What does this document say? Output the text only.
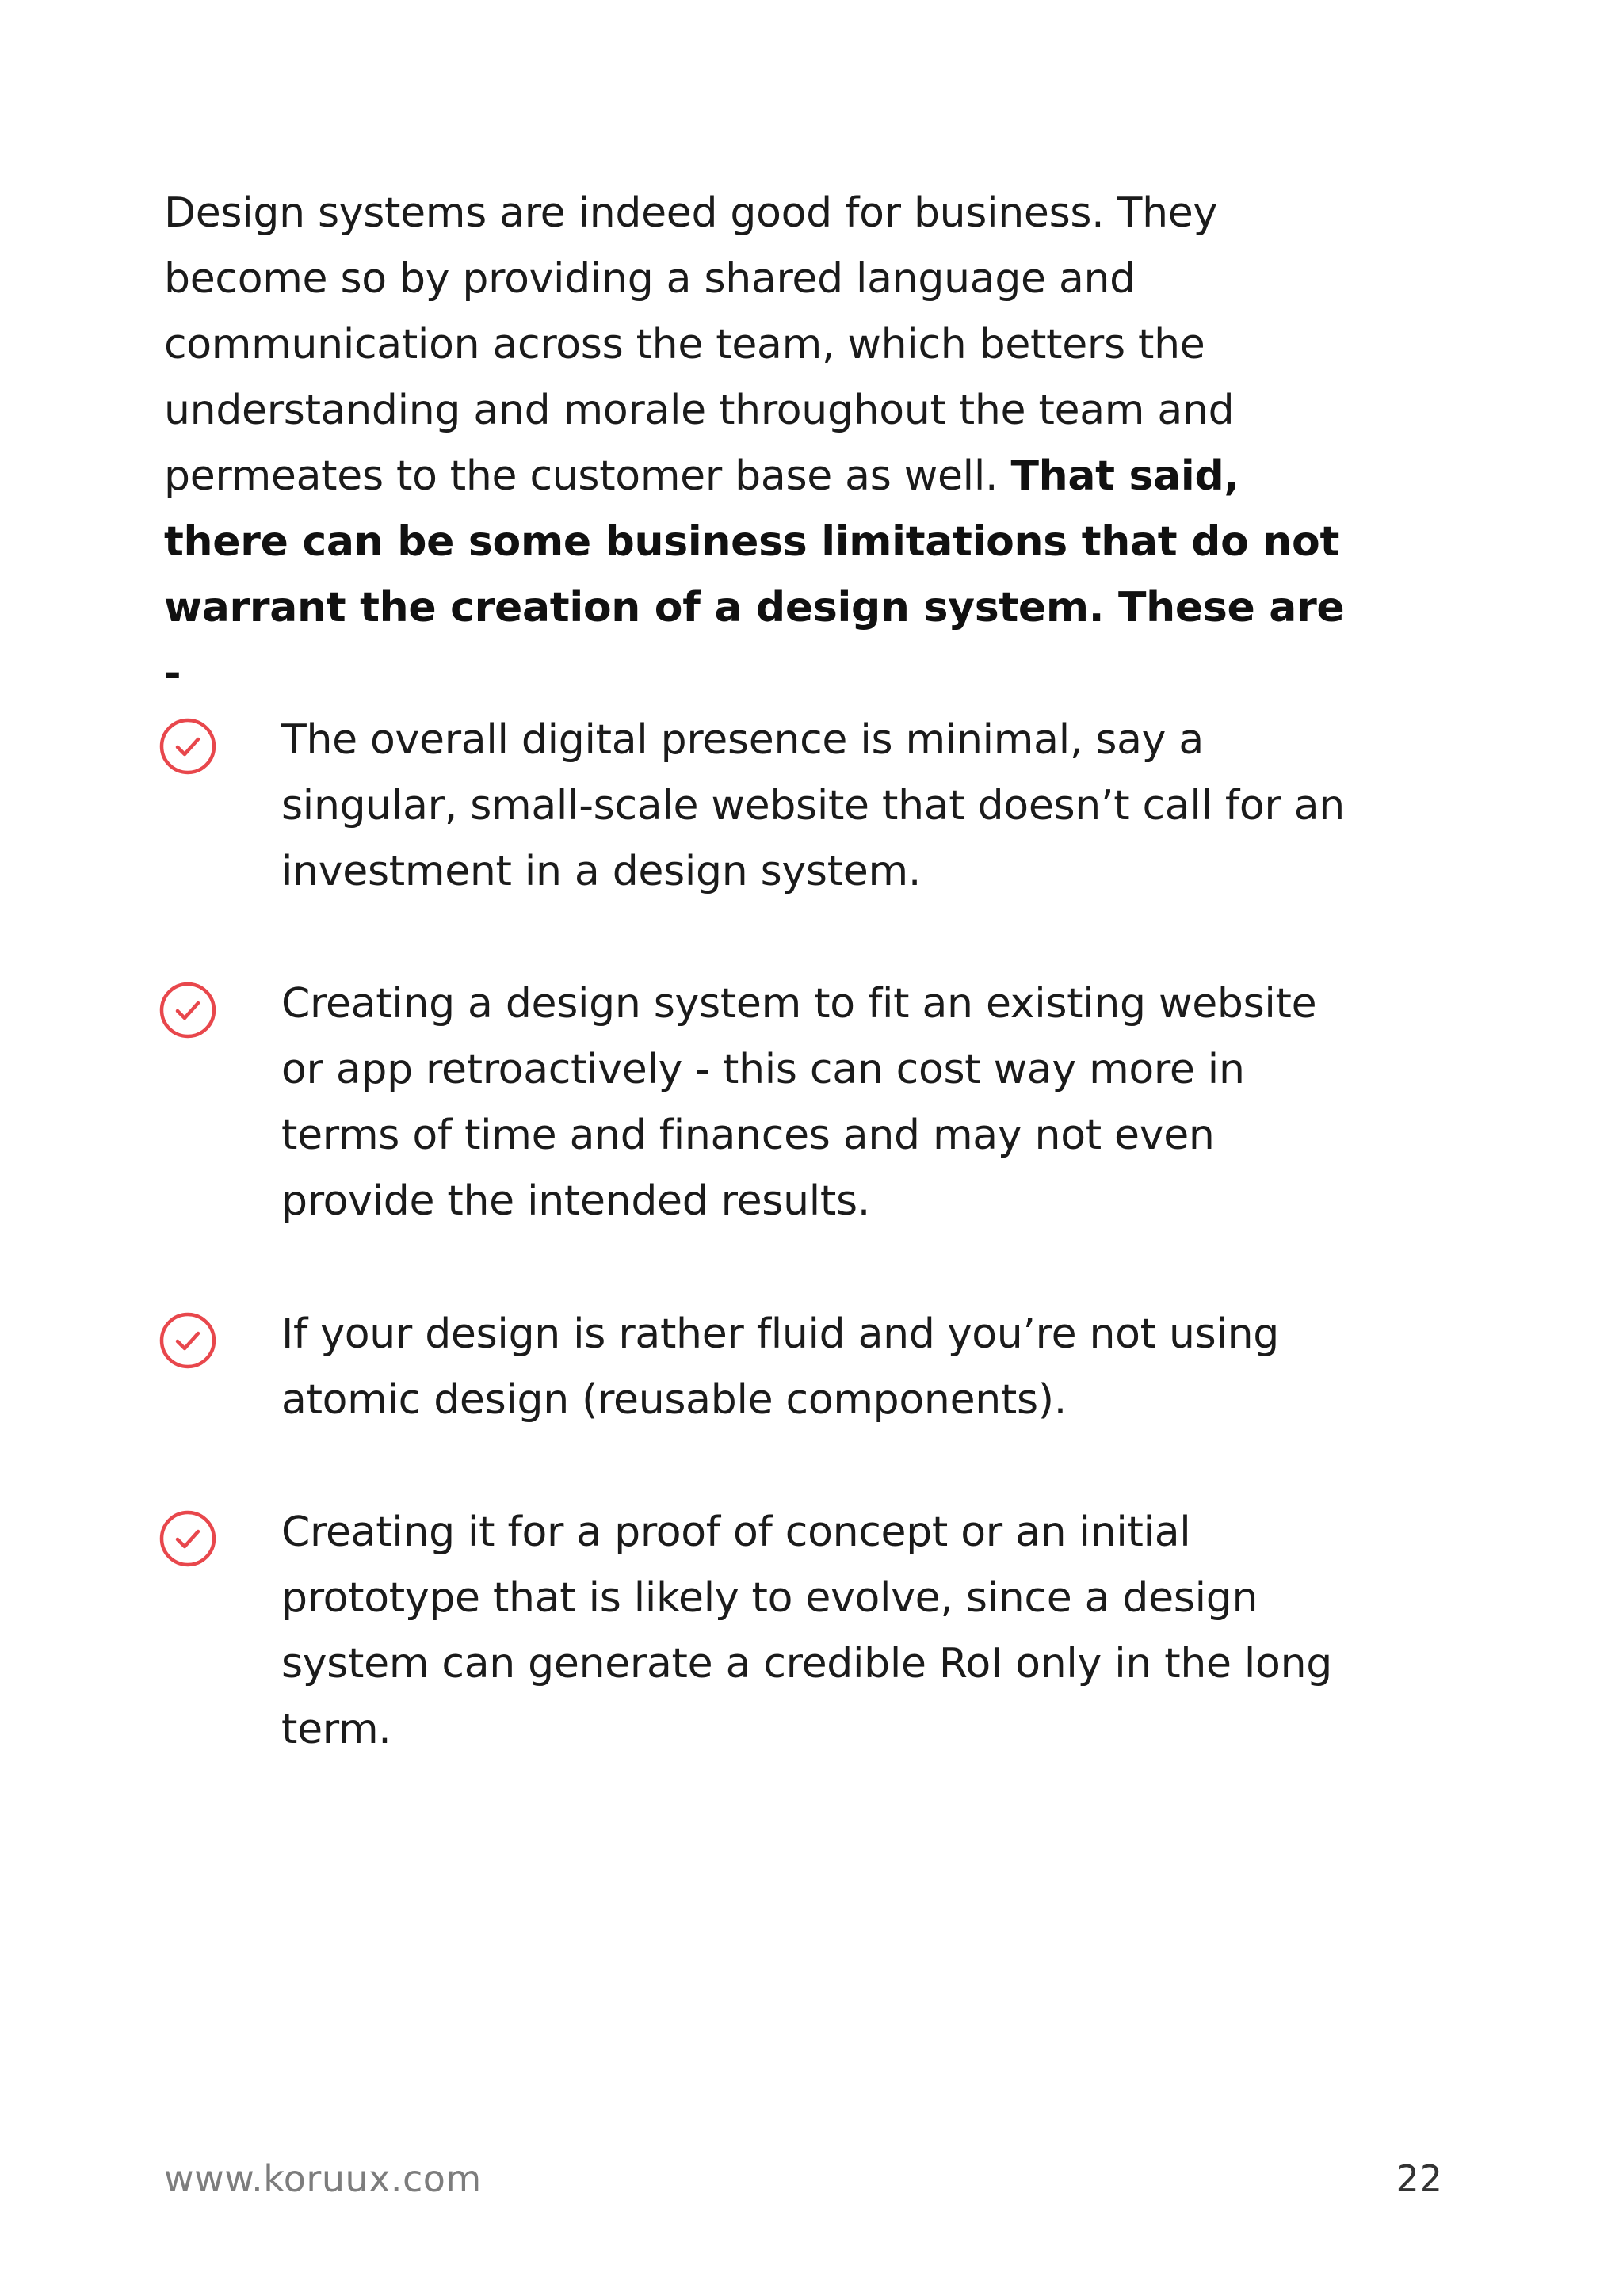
Design systems are indeed good for business. They become so by providing a shared language and communication across the team, which betters the understanding and morale throughout the team and permeates to the customer base as well. That said, there can be some business limitations that do not warrant the creation of a design system. These are -

The overall digital presence is minimal, say a singular, small-scale website that doesn’t call for an investment in a design system.

Creating a design system to fit an existing website or app retroactively - this can cost way more in terms of time and finances and may not even provide the intended results.

If your design is rather fluid and you’re not using atomic design (reusable components).

Creating it for a proof of concept or an initial prototype that is likely to evolve, since a design system can generate a credible RoI only in the long term.

www.koruux.com	22
